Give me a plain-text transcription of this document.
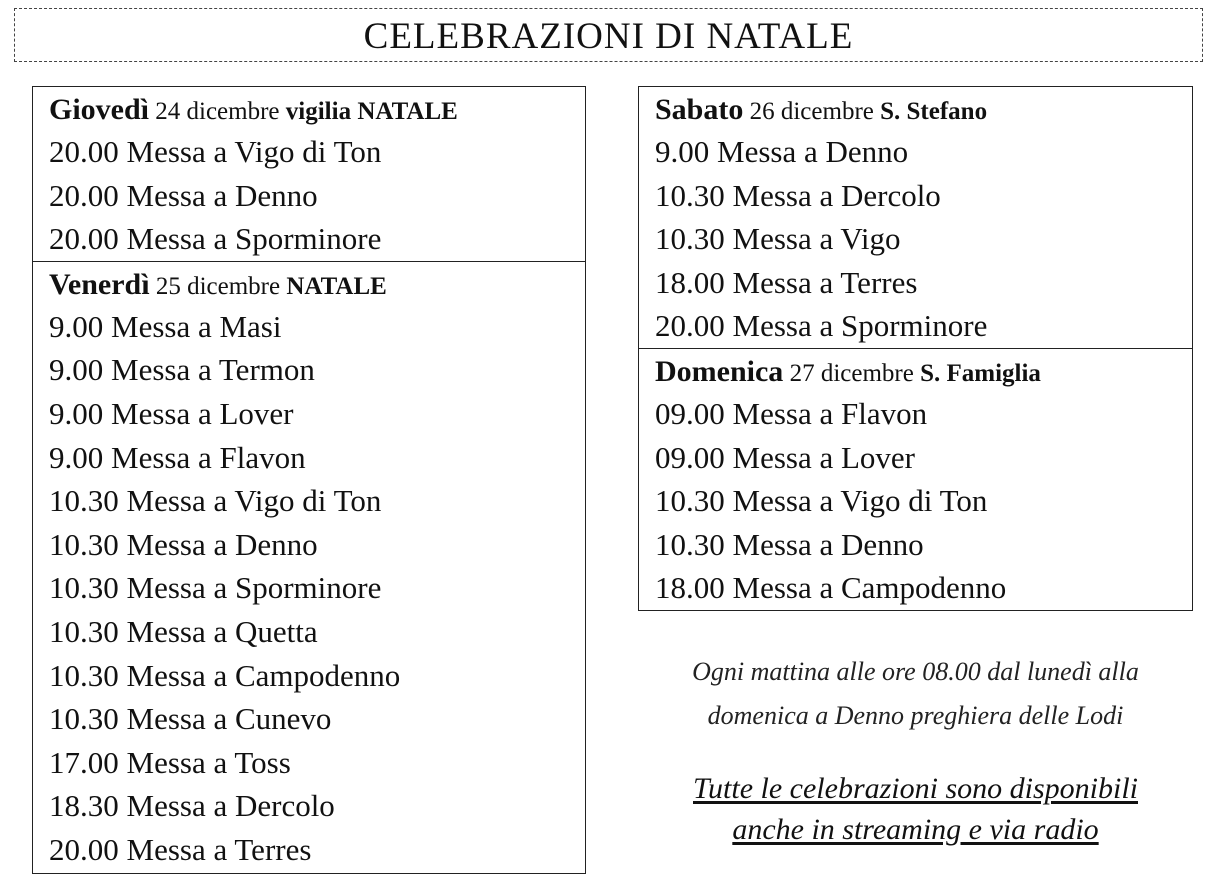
CELEBRAZIONI DI NATALE
Giovedì 24 dicembre vigilia NATALE
20.00 Messa a Vigo di Ton
20.00 Messa a Denno
20.00 Messa a Sporminore
Venerdì 25 dicembre NATALE
9.00 Messa a Masi
9.00 Messa a Termon
9.00 Messa a Lover
9.00 Messa a Flavon
10.30 Messa a Vigo di Ton
10.30 Messa a Denno
10.30 Messa a Sporminore
10.30 Messa a Quetta
10.30 Messa a Campodenno
10.30 Messa a Cunevo
17.00 Messa a Toss
18.30 Messa a Dercolo
20.00 Messa a Terres
Sabato 26 dicembre S. Stefano
9.00 Messa a Denno
10.30 Messa a Dercolo
10.30 Messa a Vigo
18.00 Messa a Terres
20.00 Messa a Sporminore
Domenica 27 dicembre S. Famiglia
09.00 Messa a Flavon
09.00 Messa a Lover
10.30 Messa a Vigo di Ton
10.30 Messa a Denno
18.00 Messa a Campodenno
Ogni mattina alle ore 08.00 dal lunedì alla
domenica a Denno preghiera delle Lodi
Tutte le celebrazioni sono disponibili
anche in streaming e via radio
